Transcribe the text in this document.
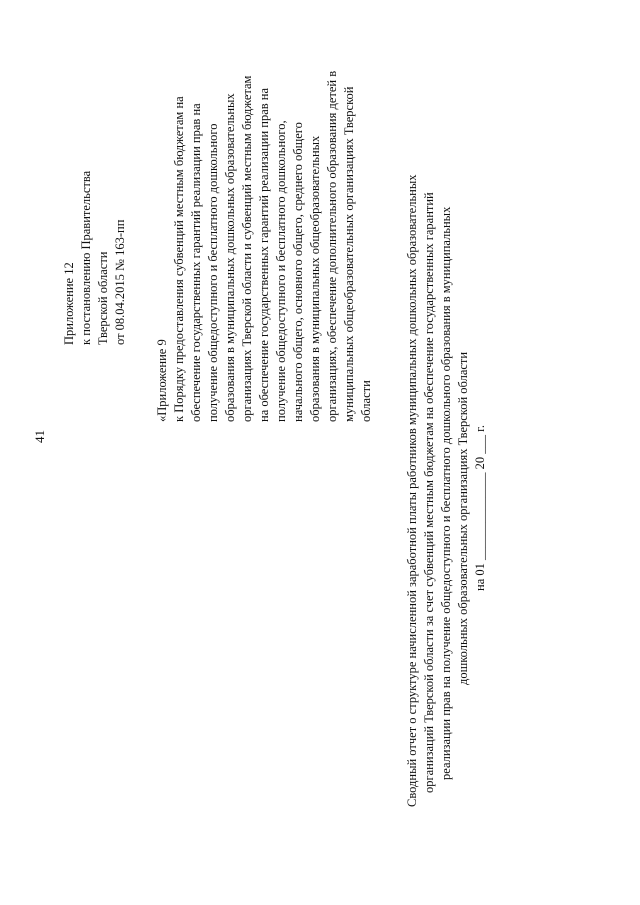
41
Приложение 12 к постановлению Правительства Тверской области от 08.04.2015 № 163-пп
«Приложение 9 к Порядку предоставления субвенций местным бюджетам на обеспечение государственных гарантий реализации прав на получение общедоступного и бесплатного дошкольного образования в муниципальных дошкольных образовательных организациях Тверской области и субвенций местным бюджетам на обеспечение государственных гарантий реализации прав на получение общедоступного и бесплатного дошкольного, начального общего, основного общего, среднего общего образования в муниципальных общеобразовательных организациях, обеспечение дополнительного образования детей в муниципальных общеобразовательных организациях Тверской области	Сводный отчет о структуре начисленной заработной платы работников муниципальных дошкольных образовательных организаций Тверской области за счет субвенций местным бюджетам на обеспечение государственных гарантий реализации прав на получение общедоступного и бесплатного дошкольного образования в муниципальных дошкольных образовательных организациях Тверской области на 01 ______________ 20 ___ г.
